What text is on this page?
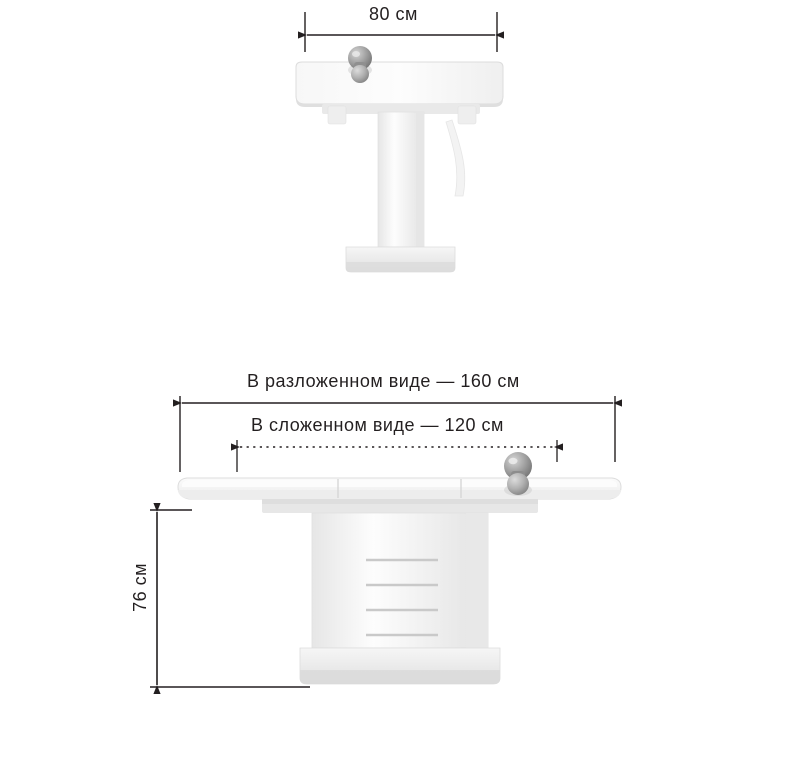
80 см
В разложенном виде — 160 см
В сложенном виде — 120 см
76 см
